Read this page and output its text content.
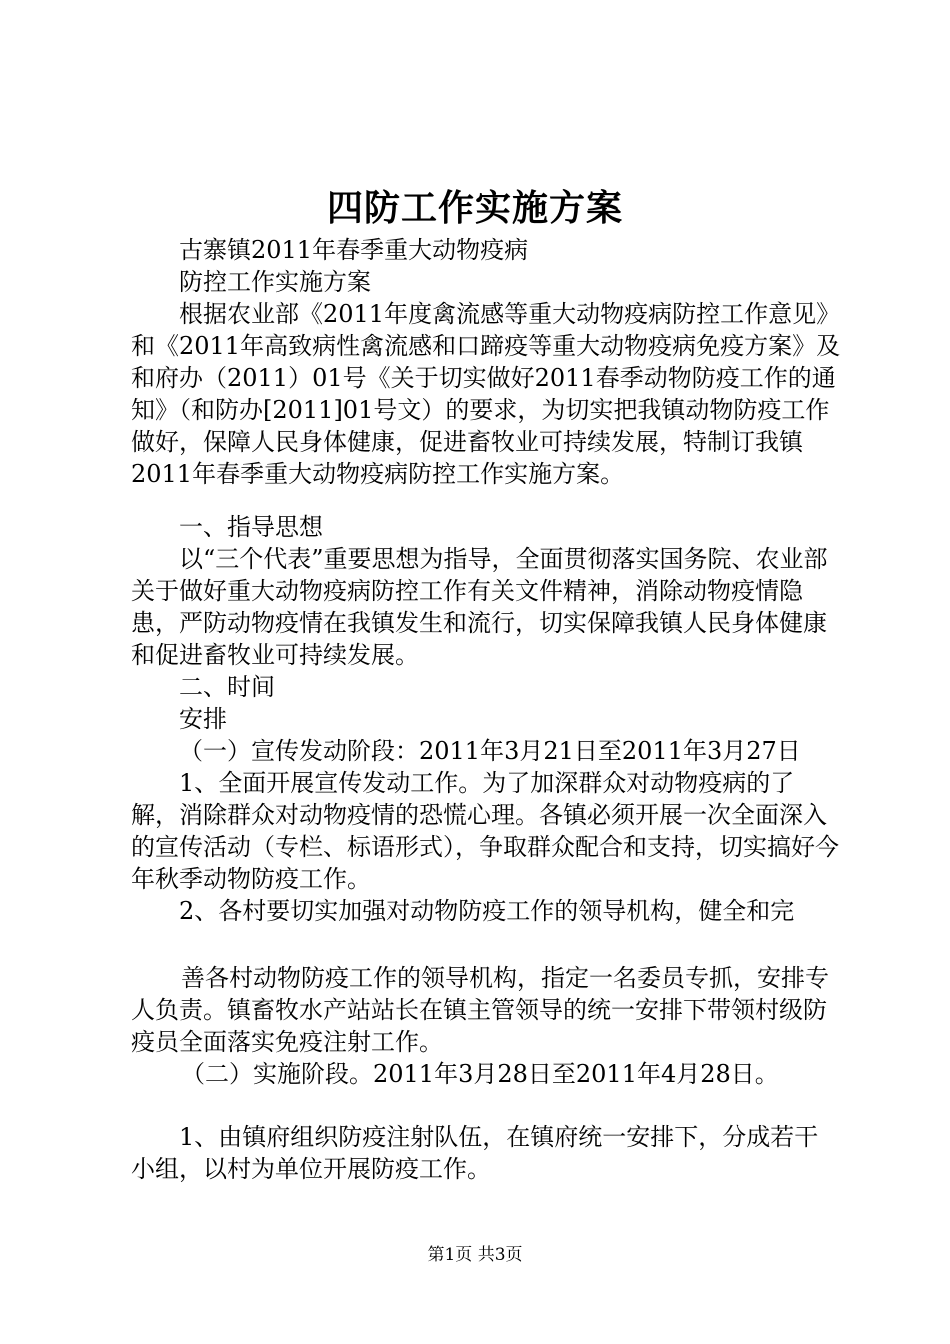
四防工作实施方案

古寨镇2011年春季重大动物疫病

防控工作实施方案

根据农业部《2011年度禽流感等重大动物疫病防控工作意见》和《2011年高致病性禽流感和口蹄疫等重大动物疫病免疫方案》及和府办（2011）01号《关于切实做好2011春季动物防疫工作的通知》（和防办[2011]01号文）的要求，为切实把我镇动物防疫工作做好，保障人民身体健康，促进畜牧业可持续发展，特制订我镇2011年春季重大动物疫病防控工作实施方案。

一、指导思想

以“三个代表”重要思想为指导，全面贯彻落实国务院、农业部关于做好重大动物疫病防控工作有关文件精神，消除动物疫情隐患，严防动物疫情在我镇发生和流行，切实保障我镇人民身体健康和促进畜牧业可持续发展。

二、时间

安排

（一）宣传发动阶段：2011年3月21日至2011年3月27日

1、全面开展宣传发动工作。为了加深群众对动物疫病的了解，消除群众对动物疫情的恐慌心理。各镇必须开展一次全面深入的宣传活动（专栏、标语形式），争取群众配合和支持，切实搞好今年秋季动物防疫工作。

2、各村要切实加强对动物防疫工作的领导机构，健全和完

善各村动物防疫工作的领导机构，指定一名委员专抓，安排专人负责。镇畜牧水产站站长在镇主管领导的统一安排下带领村级防疫员全面落实免疫注射工作。

（二）实施阶段。2011年3月28日至2011年4月28日。

1、由镇府组织防疫注射队伍，在镇府统一安排下，分成若干小组，以村为单位开展防疫工作。

第1页 共3页
